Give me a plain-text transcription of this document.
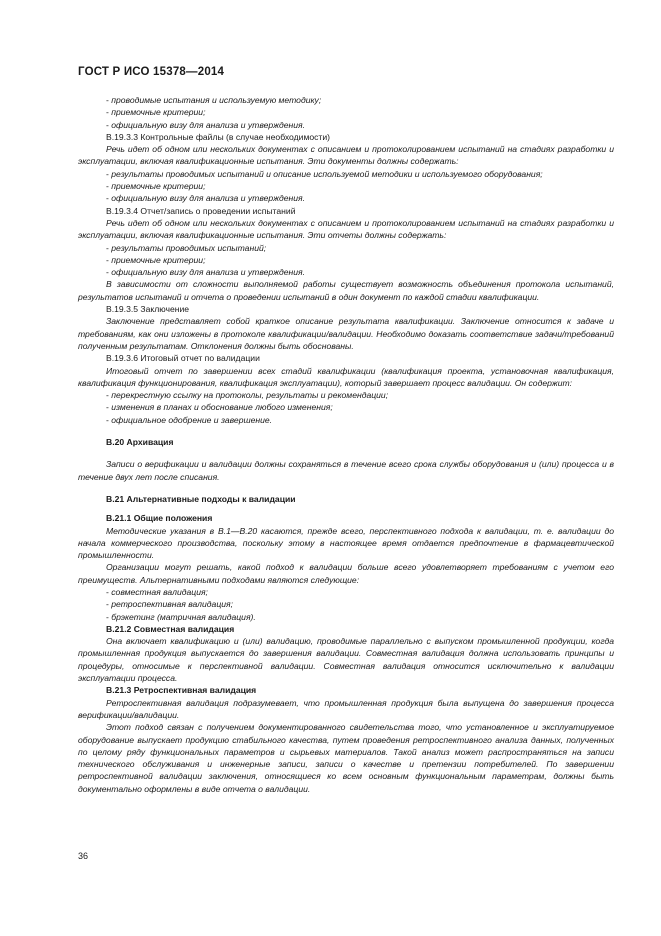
ГОСТ Р ИСО 15378—2014

- проводимые испытания и используемую методику;

- приемочные критерии;

- официальную визу для анализа и утверждения.

В.19.3.3 Контрольные файлы (в случае необходимости)

Речь идет об одном или нескольких документах с описанием и протоколированием испытаний на стадиях разработки и эксплуатации, включая квалификационные испытания. Эти документы должны содержать:

- результаты проводимых испытаний и описание используемой методики и используемого оборудования;

- приемочные критерии;

- официальную визу для анализа и утверждения.

В.19.3.4 Отчет/запись о проведении испытаний

Речь идет об одном или нескольких документах с описанием и протоколированием испытаний на стадиях разработки и эксплуатации, включая квалификационные испытания. Эти отчеты должны содержать:

- результаты проводимых испытаний;

- приемочные критерии;

- официальную визу для анализа и утверждения.

В зависимости от сложности выполняемой работы существует возможность объединения протокола испытаний, результатов испытаний и отчета о проведении испытаний в один документ по каждой стадии квалификации.

В.19.3.5 Заключение

Заключение представляет собой краткое описание результата квалификации. Заключение относится к задаче и требованиям, как они изложены в протоколе квалификации/валидации. Необходимо доказать соответствие задачи/требований полученным результатам. Отклонения должны быть обоснованы.

В.19.3.6 Итоговый отчет по валидации

Итоговый отчет по завершении всех стадий квалификации (квалификация проекта, установочная квалификация, квалификация функционирования, квалификация эксплуатации), который завершает процесс валидации. Он содержит:

- перекрестную ссылку на протоколы, результаты и рекомендации;

- изменения в планах и обоснование любого изменения;

- официальное одобрение и завершение.

В.20 Архивация

Записи о верификации и валидации должны сохраняться в течение всего срока службы оборудования и (или) процесса и в течение двух лет после списания.

В.21 Альтернативные подходы к валидации

В.21.1 Общие положения

Методические указания в В.1—В.20 касаются, прежде всего, перспективного подхода к валидации, т. е. валидации до начала коммерческого производства, поскольку этому в настоящее время отдается предпочтение в фармацевтической промышленности.

Организации могут решать, какой подход к валидации больше всего удовлетворяет требованиям с учетом его преимуществ. Альтернативными подходами являются следующие:

- совместная валидация;

- ретроспективная валидация;

- брэкетинг (матричная валидация).

В.21.2 Совместная валидация

Она включает квалификацию и (или) валидацию, проводимые параллельно с выпуском промышленной продукции, когда промышленная продукция выпускается до завершения валидации. Совместная валидация должна использовать принципы и процедуры, относимые к перспективной валидации. Совместная валидация относится исключительно к валидации эксплуатации процесса.

В.21.3 Ретроспективная валидация

Ретроспективная валидация подразумевает, что промышленная продукция была выпущена до завершения процесса верификации/валидации.

Этот подход связан с получением документированного свидетельства того, что установленное и эксплуатируемое оборудование выпускает продукцию стабильного качества, путем проведения ретроспективного анализа данных, полученных по целому ряду функциональных параметров и сырьевых материалов. Такой анализ может распространяться на записи технического обслуживания и инженерные записи, записи о качестве и претензии потребителей. По завершении ретроспективной валидации заключения, относящиеся ко всем основным функциональным параметрам, должны быть документально оформлены в виде отчета о валидации.

36
